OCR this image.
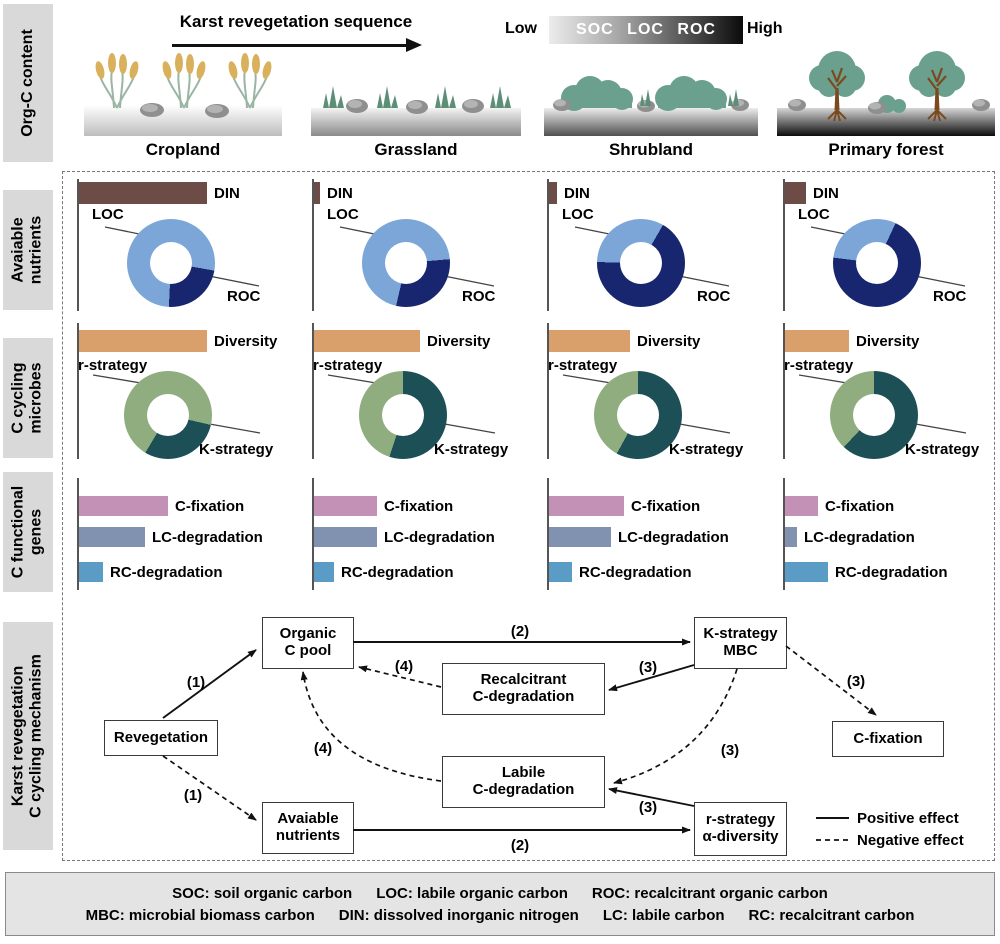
Org-C content
Avaiable nutrients
C cycling microbes
C functional genes
Karst revegetation C cycling mechanism
Karst revegetation sequence	Low SOC LOC ROC High
Cropland	Grassland	Shrubland	Primary forest
DIN
LOC
ROC
DIN
LOC
ROC
DIN
LOC
ROC
DIN
LOC
ROC
Diversity
r-strategy
K-strategy
Diversity
r-strategy
K-strategy
Diversity
r-strategy
K-strategy
Diversity
r-strategy
K-strategy
C-fixation
LC-degradation
RC-degradation
C-fixation
LC-degradation
RC-degradation
C-fixation
LC-degradation
RC-degradation
C-fixation
LC-degradation
RC-degradation
Revegetation
Organic
C pool
Avaiable
nutrients
Recalcitrant
C-degradation
Labile
C-degradation
K-strategy
MBC
r-strategy
α-diversity
C-fixation
(1)
(1)
(2)
(3)
(3)
(3)
(3)
(2)
(4)
(4)
Positive effect
Negative effect
SOC: soil organic carbon LOC: labile organic carbon ROC: recalcitrant organic carbon
MBC: microbial biomass carbon DIN: dissolved inorganic nitrogen LC: labile carbon RC: recalcitrant carbon
